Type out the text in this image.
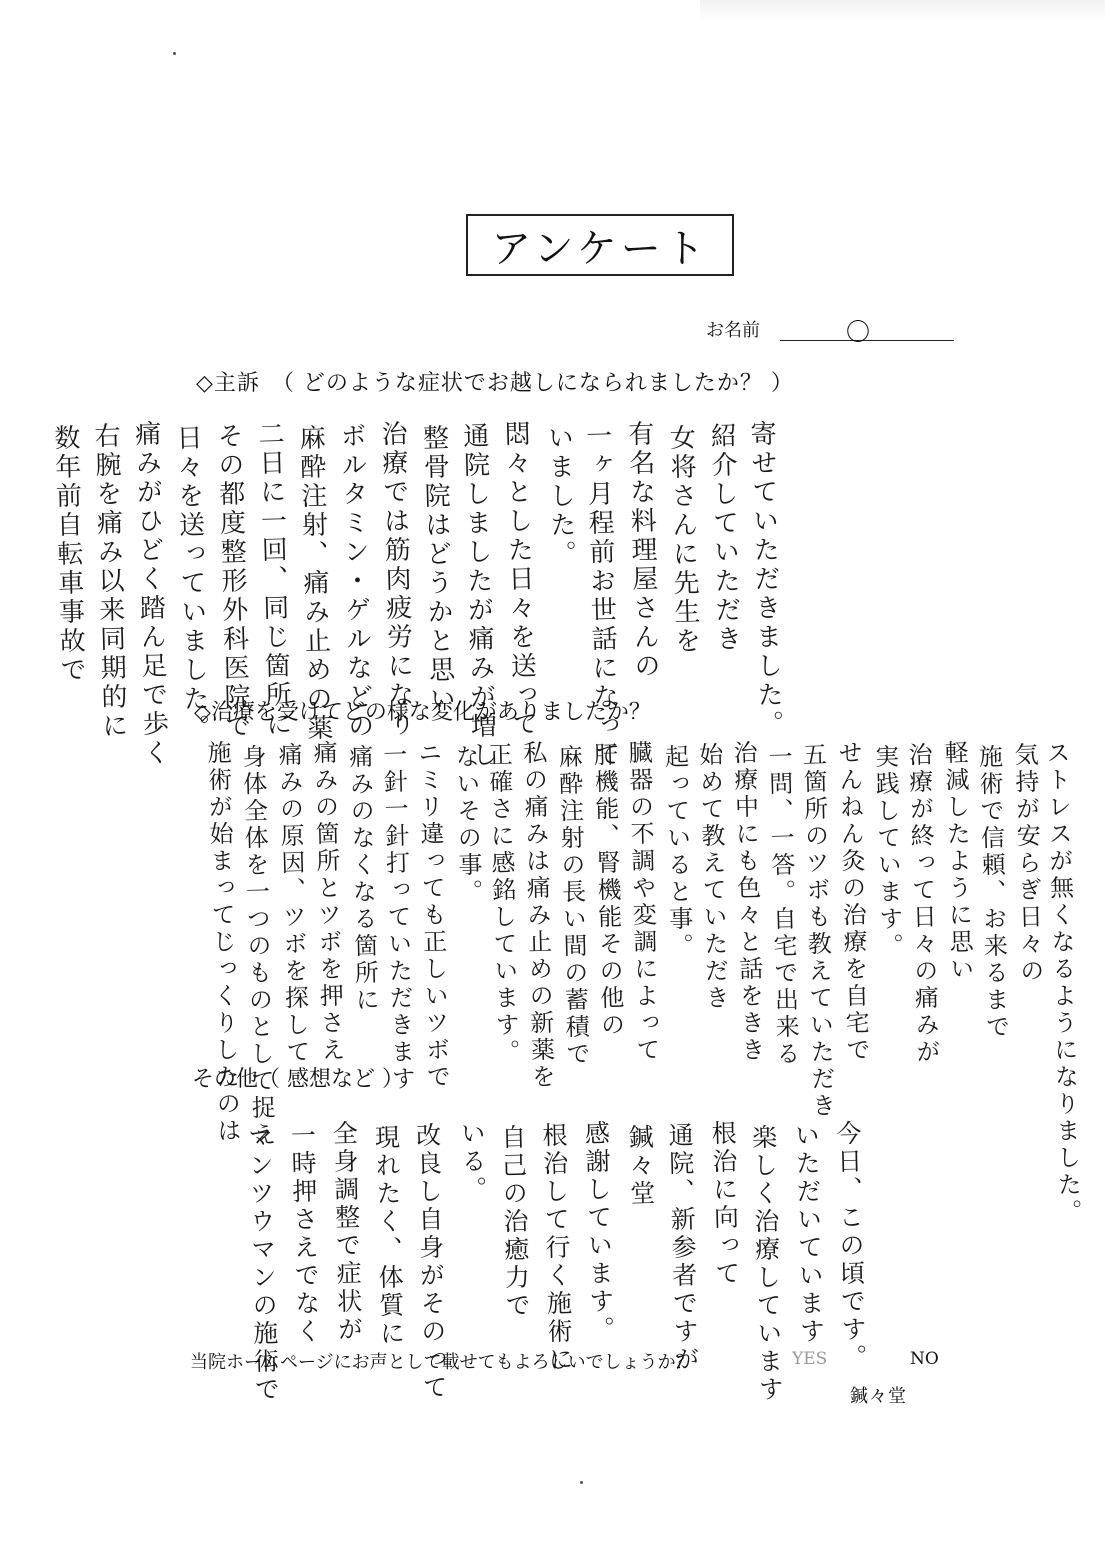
アンケート
お名前	〇
◇主訴　（ どのような症状でお越しになられましたか？ ）
寄せていただきました。
紹介していただき
女将さんに先生を
有名な料理屋さんの
一ヶ月程前お世話になって
いました。
悶々とした日々を送って
通院しましたが痛みが増し
整骨院はどうかと思い
治療では筋肉疲労になり
ボルタミン・ゲルなどの
麻酔注射、痛み止めの薬
二日に一回、同じ箇所に
その都度整形外科医院で
日々を送っていました。
痛みがひどく踏ん足で歩く
右腕を痛み以来同期的に
数年前自転車事故で
◇治療を受けてどの様な変化がありましたか？
ストレスが無くなるようになりました。
気持が安らぎ日々の
施術で信頼、お来るまで
軽減したように思い
治療が終って日々の痛みが
実践しています。
せんねん灸の治療を自宅で
五箇所のツボも教えていただき
一問、一答。自宅で出来る
治療中にも色々と話をきき
始めて教えていただき
起っていると事。
臓器の不調や変調によって
肝機能、腎機能その他の
麻酔注射の長い間の蓄積で
私の痛みは痛み止めの新薬を
正確さに感銘しています。
ないその事。
ニミリ違っても正しいツボで
一針一針打っていただきます
痛みのなくなる箇所に
痛みの箇所とツボを押さえ
痛みの原因、ツボを探して
身体全体を一つのものとして捉え
施術が始まってじっくりしたのは
その他（ 感想など ）
今日、この頃です。
いただいています
楽しく治療しています
根治に向って
通院、新参者ですが
鍼々堂
感謝しています。
根治して行く施術に
自己の治癒力で
いる。
改良し自身がそのって
現れたく、体質に
全身調整で症状が
一時押さえでなく
マンツウマンの施術で
当院ホームページにお声として載せてもよろしいでしょうか？	YES	NO
鍼々堂
